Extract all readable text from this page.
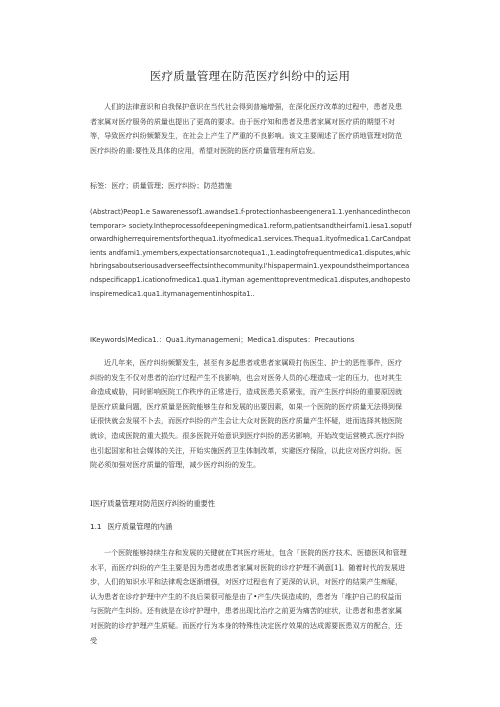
医疗质量管理在防范医疗纠纷中的运用
人们的法律意识和自我保护意识在当代社会得到普遍增强，在深化医疗改革的过程中，患者及患者家属对医疗服务的质量也提出了更高的要求。由于医疗知和患者及患者家属对医疗质的期望不对等，导致医疗纠纷频繁发生，在社会上产生了严重的不良影响。该文主要阐述了医疗质地管理对防范医疗纠纷的重:要性及具体的应用，希望对医院的医疗质量管理有所启发。
标签：医疗；质量管理；医疗纠纷；防范措施
(Abstract)Peop1.e Sawarenessof1.awandse1.f-protectionhasbeengenera1.1.yenhancedinthecontemporar> society.Intheprocessofdeepeningmedica1.reform,patientsandtheirfami1.iesa1.soputforwardhigherrequirementsforthequa1.ityofmedica1.services.Thequa1.ityofmedica1.CarCandpatients andfami1.ymembers,expectationsarcnotequa1.,1.eadingtofrequentmedica1.disputes,whichbringsaboutseriousadverseeffectsinthecommunity.I'hispapermain1.yexpoundstheimportanceandspecificapp1.icationofmedica1.qua1.ityman agementtopreventmedica1.disputes,andhopestoinspiremedica1.qua1.itymanagementinhospita1..
IKeywords)Medica1.：Qua1.itymanagemeni；Medica1.disputes：Precautions
近几年来，医疗纠纷频繁发生，甚至有多起患者或患者家属殴打伤医生、护士的恶性事件，医疗纠纷的发生不仅对患者的治疗过程产生不良影响，也会对医务人员的心理造成一定的压力，也对其生命造成威胁，同时影响医院工作秩序的正常进行，造成医患关系紧张，而产生医疗纠纷的重要原因就是医疗质量问题，医疗质量是医院能够生存和发展的出要因素，如果一个医院的医疗质量无法得到保证很快就会发展不卜去，而医疗纠纷的产生会让大众对医院的医疗质量产生怀疑，进而选择其他医院就诊，造成医院的重大损失。很多医院开始意识到医疗纠纷的恶劣影响，开始改变运营模式.医疗纠纷也引起国家和社会媒体的关注，开始实施医药卫生体制改革，实避医疗保险，以此应对医疗纠纷。医院必须加强对医疗质量的管理，减少医疗纠纷的发生。
I医疗质量管理对防范医疗纠纷的重要性
1.1 医疗质量管理的内涵
一个医院能够持续生存和发展的关键就在T其医疗班址，包含「医院的医疗技术、医德医风和管理水平，而医疗纠纷的产生主要是因为患者或患者家属对医院的诊疗护理不满意[1]。随着时代的发展进步，人们的知识水平和法律观念逐渐增强，对医疗过程也有了更深的认识，对医疗的结果产生痴疑，认为患者在诊疗护理中产生的不良后果很可能是由了•产生/失误造成的，患者为「维护自己的权益而与医院产生纠纷。还有就是在诊疗护理中，患者出现比治疗之前更为痛苦的症状，让患者和患者家属对医院的诊疗护理产生质疑。而医疗行为本身的特殊性决定医疗效果的达成需要医患双方的配合，还受
